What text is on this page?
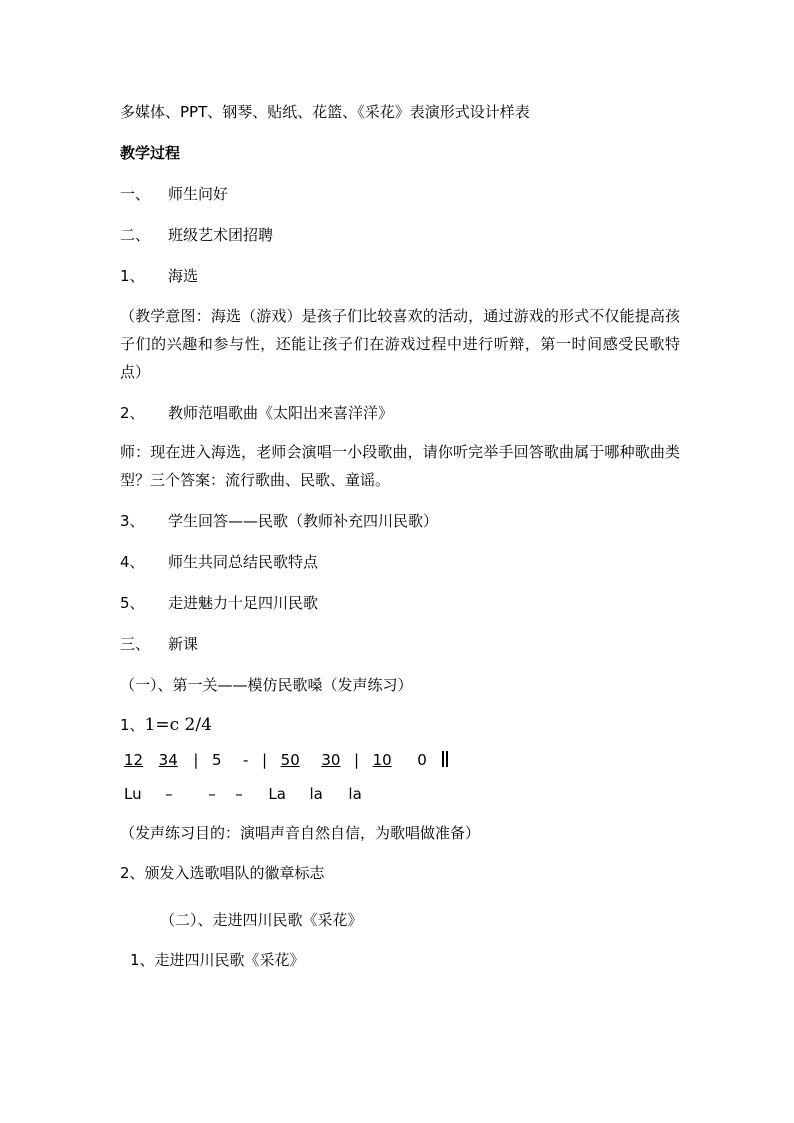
多媒体、PPT、钢琴、贴纸、花篮、《采花》表演形式设计样表
教学过程
一、 师生问好
二、 班级艺术团招聘
1、 海选
（教学意图：海选（游戏）是孩子们比较喜欢的活动，通过游戏的形式不仅能提高孩子们的兴趣和参与性，还能让孩子们在游戏过程中进行听辩，第一时间感受民歌特点）
2、 教师范唱歌曲《太阳出来喜洋洋》
师：现在进入海选，老师会演唱一小段歌曲，请你听完举手回答歌曲属于哪种歌曲类型？三个答案：流行歌曲、民歌、童谣。
3、 学生回答——民歌（教师补充四川民歌）
4、 师生共同总结民歌特点
5、 走进魅力十足四川民歌
三、 新课
（一）、第一关——模仿民歌嗓（发声练习）
1、1=c 2/4
12 34 | 5 - | 50 30 | 10 0
Lu – – – La la la
（发声练习目的：演唱声音自然自信，为歌唱做准备）
2、颁发入选歌唱队的徽章标志
（二）、走进四川民歌《采花》
1、走进四川民歌《采花》
